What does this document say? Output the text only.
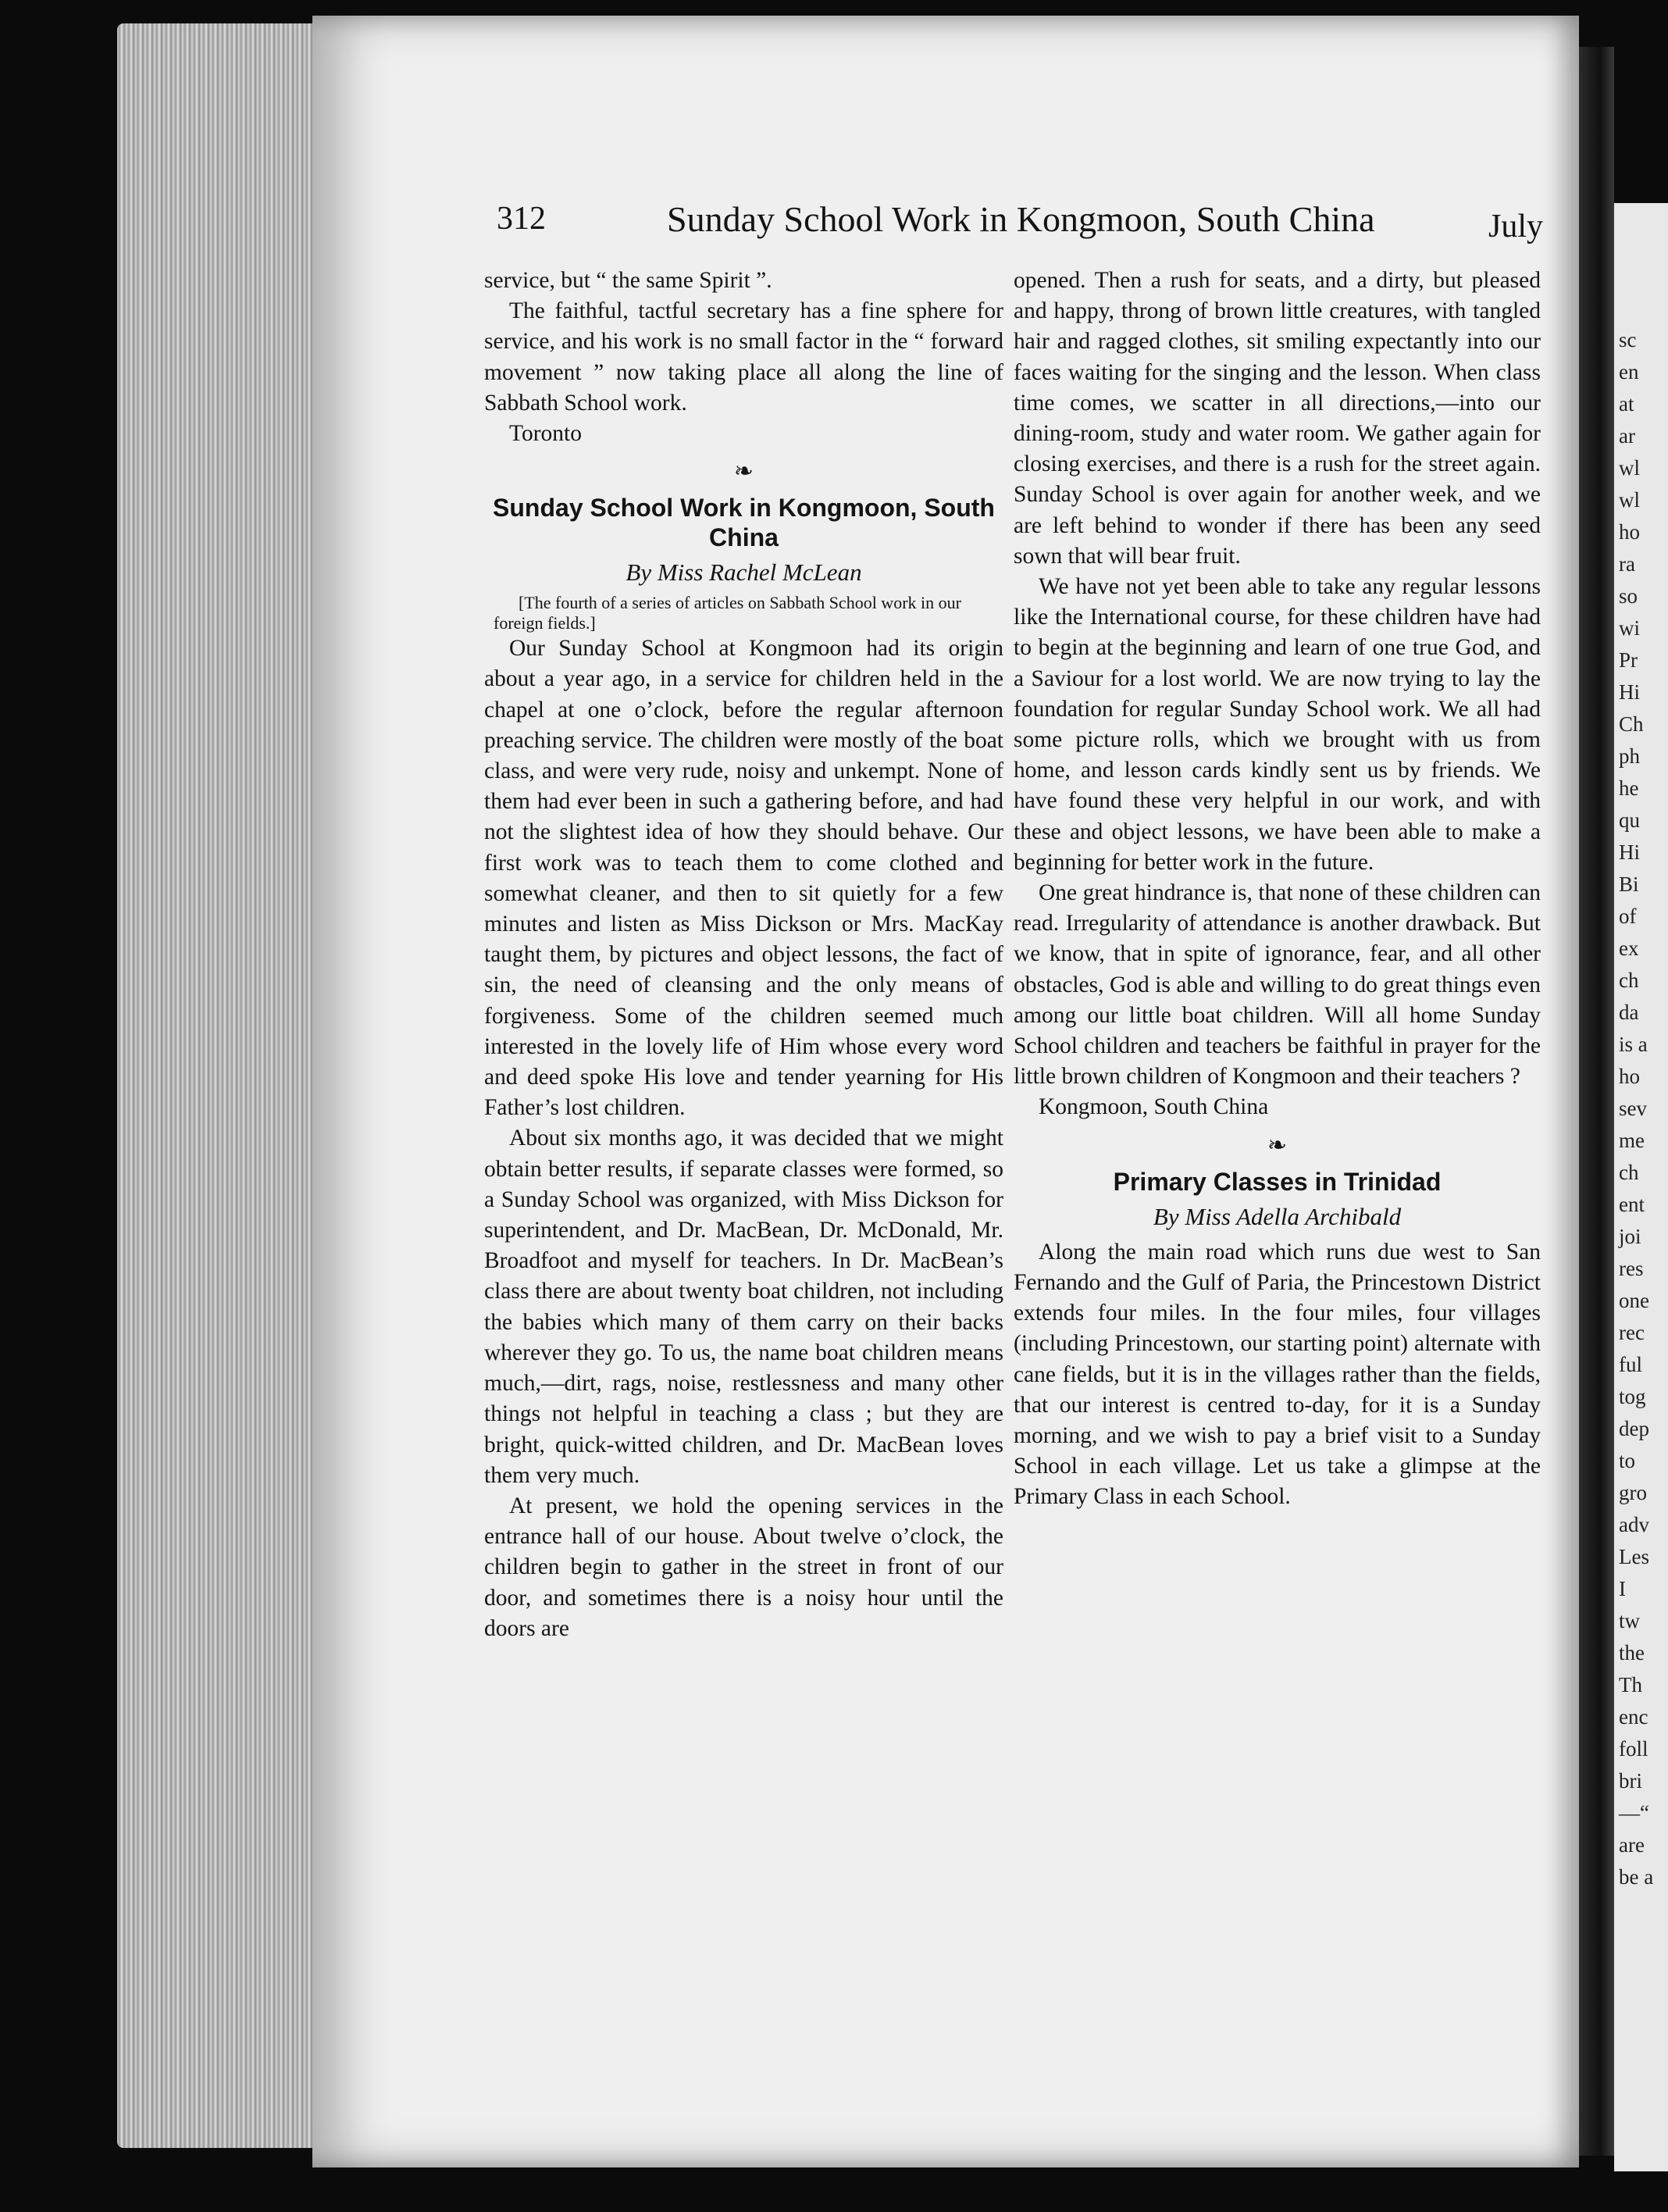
sc
en
at
ar
wl
wl
ho
ra
so
wi
Pr
Hi
Ch
ph
he
qu
Hi
Bi
of
ex
ch
da
is a
ho
sev
me
ch
ent
joi
res
one
rec
ful
tog
dep
to
gro
adv
Les
I
tw
the
Th
enc
foll
bri
—“
are
be a
312	Sunday School Work in Kongmoon, South China	July

service, but “ the same Spirit ”.

The faithful, tactful secretary has a fine sphere for service, and his work is no small factor in the “ forward movement ” now taking place all along the line of Sabbath School work.

Toronto

❧
Sunday School Work in Kongmoon, South China
By Miss Rachel McLean

[The fourth of a series of articles on Sabbath School work in our foreign fields.]

Our Sunday School at Kongmoon had its origin about a year ago, in a service for children held in the chapel at one o’clock, before the regular afternoon preaching service. The children were mostly of the boat class, and were very rude, noisy and unkempt. None of them had ever been in such a gathering before, and had not the slightest idea of how they should behave. Our first work was to teach them to come clothed and somewhat cleaner, and then to sit quietly for a few minutes and listen as Miss Dickson or Mrs. MacKay taught them, by pictures and object lessons, the fact of sin, the need of cleansing and the only means of forgiveness. Some of the children seemed much interested in the lovely life of Him whose every word and deed spoke His love and tender yearning for His Father’s lost children.

About six months ago, it was decided that we might obtain better results, if separate classes were formed, so a Sunday School was organized, with Miss Dickson for superintendent, and Dr. MacBean, Dr. McDonald, Mr. Broadfoot and myself for teachers. In Dr. MacBean’s class there are about twenty boat children, not including the babies which many of them carry on their backs wherever they go. To us, the name boat children means much,—dirt, rags, noise, restlessness and many other things not helpful in teaching a class ; but they are bright, quick-witted children, and Dr. MacBean loves them very much.

At present, we hold the opening services in the entrance hall of our house. About twelve o’clock, the children begin to gather in the street in front of our door, and sometimes there is a noisy hour until the doors are

opened. Then a rush for seats, and a dirty, but pleased and happy, throng of brown little creatures, with tangled hair and ragged clothes, sit smiling expectantly into our faces waiting for the singing and the lesson. When class time comes, we scatter in all directions,—into our dining-room, study and water room. We gather again for closing exercises, and there is a rush for the street again. Sunday School is over again for another week, and we are left behind to wonder if there has been any seed sown that will bear fruit.

We have not yet been able to take any regular lessons like the International course, for these children have had to begin at the beginning and learn of one true God, and a Saviour for a lost world. We are now trying to lay the foundation for regular Sunday School work. We all had some picture rolls, which we brought with us from home, and lesson cards kindly sent us by friends. We have found these very helpful in our work, and with these and object lessons, we have been able to make a beginning for better work in the future.

One great hindrance is, that none of these children can read. Irregularity of attendance is another drawback. But we know, that in spite of ignorance, fear, and all other obstacles, God is able and willing to do great things even among our little boat children. Will all home Sunday School children and teachers be faithful in prayer for the little brown children of Kongmoon and their teachers ?

Kongmoon, South China

❧
Primary Classes in Trinidad
By Miss Adella Archibald

Along the main road which runs due west to San Fernando and the Gulf of Paria, the Princestown District extends four miles. In the four miles, four villages (including Princestown, our starting point) alternate with cane fields, but it is in the villages rather than the fields, that our interest is centred to-day, for it is a Sunday morning, and we wish to pay a brief visit to a Sunday School in each village. Let us take a glimpse at the Primary Class in each School.
